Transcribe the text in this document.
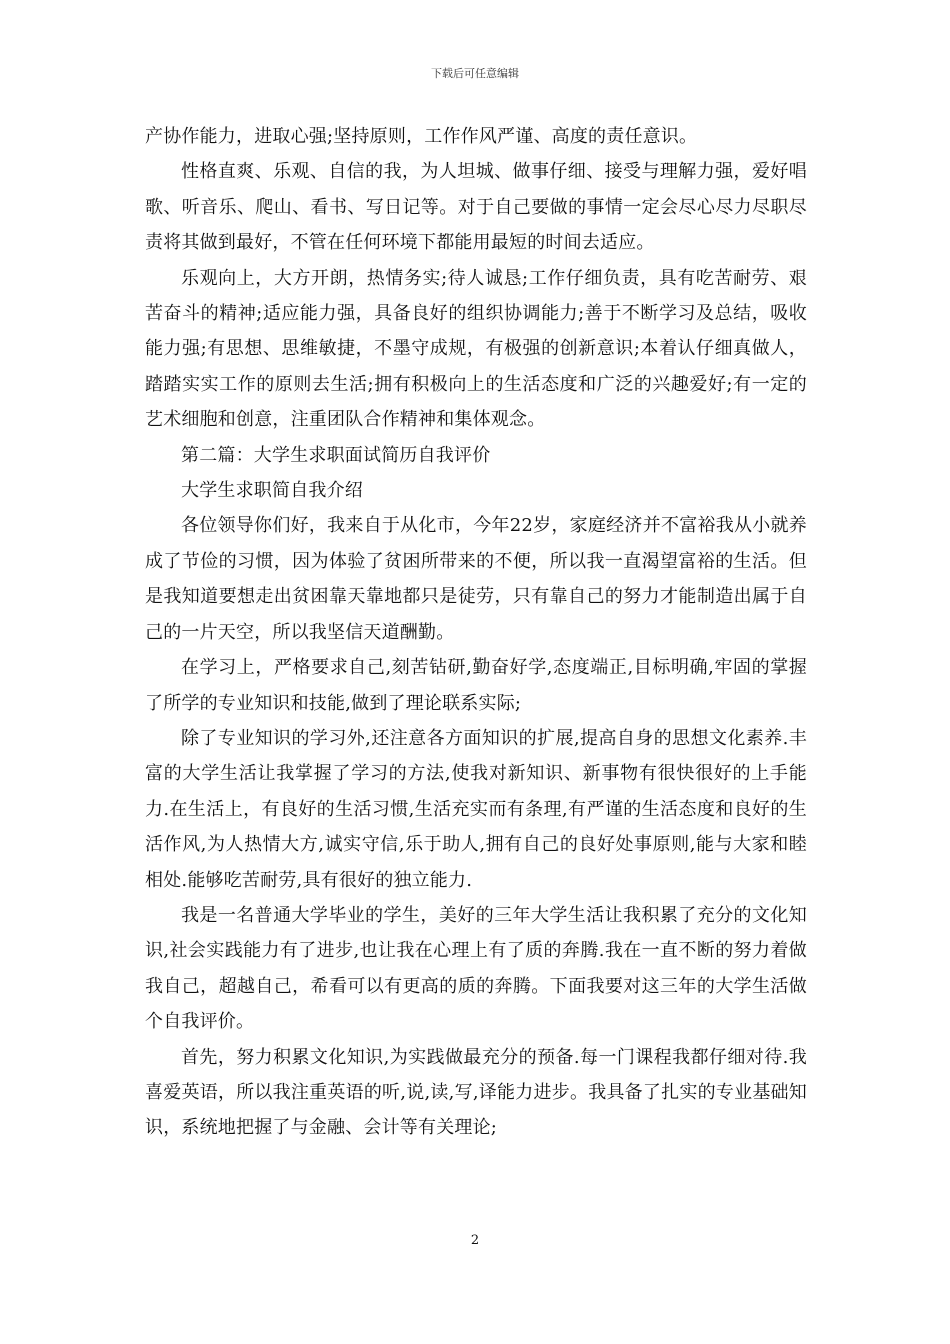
下载后可任意编辑

产协作能力，进取心强;坚持原则，工作作风严谨、高度的责任意识。

性格直爽、乐观、自信的我，为人坦城、做事仔细、接受与理解力强，爱好唱歌、听音乐、爬山、看书、写日记等。对于自己要做的事情一定会尽心尽力尽职尽责将其做到最好，不管在任何环境下都能用最短的时间去适应。

乐观向上，大方开朗，热情务实;待人诚恳;工作仔细负责，具有吃苦耐劳、艰苦奋斗的精神;适应能力强，具备良好的组织协调能力;善于不断学习及总结，吸收能力强;有思想、思维敏捷，不墨守成规，有极强的创新意识;本着认仔细真做人，踏踏实实工作的原则去生活;拥有积极向上的生活态度和广泛的兴趣爱好;有一定的艺术细胞和创意，注重团队合作精神和集体观念。

第二篇：大学生求职面试简历自我评价

大学生求职简自我介绍

各位领导你们好，我来自于从化市，今年22岁，家庭经济并不富裕我从小就养成了节俭的习惯，因为体验了贫困所带来的不便，所以我一直渴望富裕的生活。但是我知道要想走出贫困靠天靠地都只是徒劳，只有靠自己的努力才能制造出属于自己的一片天空，所以我坚信天道酬勤。

在学习上，严格要求自己,刻苦钻研,勤奋好学,态度端正,目标明确,牢固的掌握了所学的专业知识和技能,做到了理论联系实际;

除了专业知识的学习外,还注意各方面知识的扩展,提高自身的思想文化素养.丰富的大学生活让我掌握了学习的方法,使我对新知识、新事物有很快很好的上手能力.在生活上，有良好的生活习惯,生活充实而有条理,有严谨的生活态度和良好的生活作风,为人热情大方,诚实守信,乐于助人,拥有自己的良好处事原则,能与大家和睦相处.能够吃苦耐劳,具有很好的独立能力.

我是一名普通大学毕业的学生，美好的三年大学生活让我积累了充分的文化知识,社会实践能力有了进步,也让我在心理上有了质的奔腾.我在一直不断的努力着做我自己，超越自己，希看可以有更高的质的奔腾。下面我要对这三年的大学生活做个自我评价。

首先，努力积累文化知识,为实践做最充分的预备.每一门课程我都仔细对待.我喜爱英语，所以我注重英语的听,说,读,写,译能力进步。我具备了扎实的专业基础知识，系统地把握了与金融、会计等有关理论;

2
